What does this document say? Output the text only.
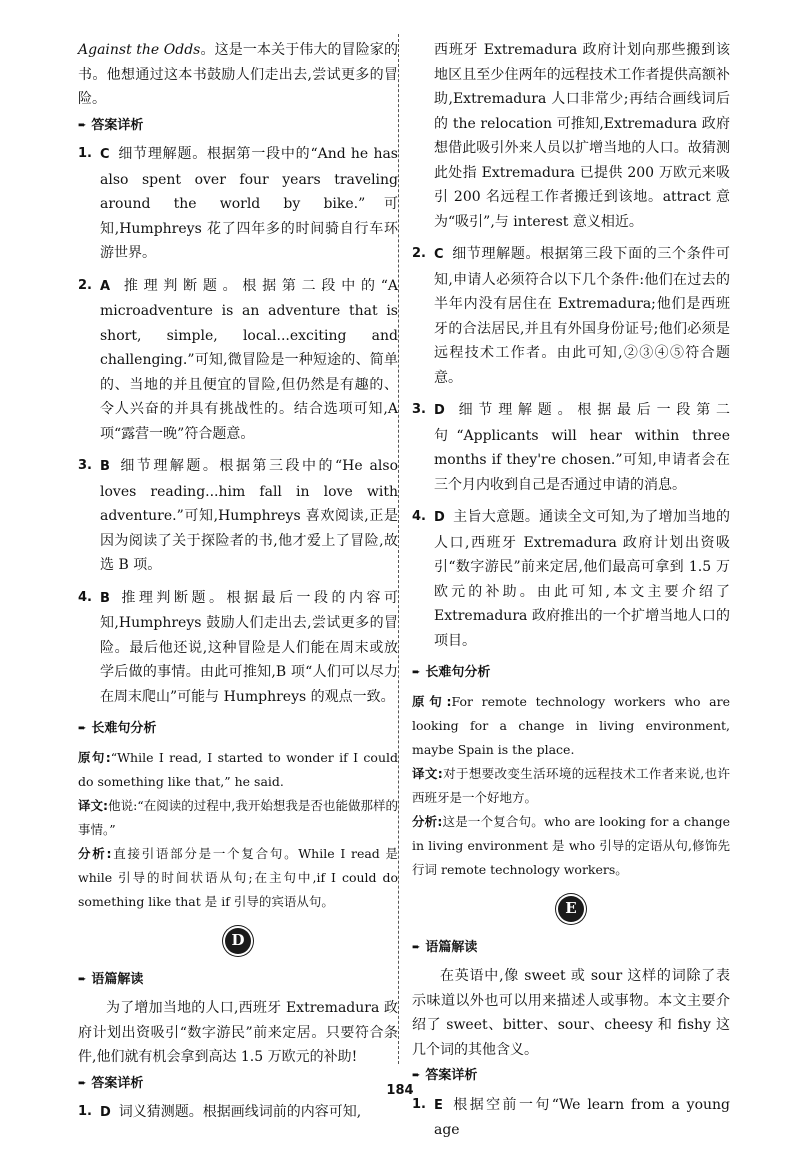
Against the Odds。这是一本关于伟大的冒险家的书。他想通过这本书鼓励人们走出去,尝试更多的冒险。

➨ 答案详析
1. C 细节理解题。根据第一段中的“And he has also spent over four years traveling around the world by bike.”可知,Humphreys 花了四年多的时间骑自行车环游世界。
2. A 推理判断题。根据第二段中的“A microadventure is an adventure that is short, simple, local...exciting and challenging.”可知,微冒险是一种短途的、简单的、当地的并且便宜的冒险,但仍然是有趣的、令人兴奋的并具有挑战性的。结合选项可知,A 项“露营一晚”符合题意。
3. B 细节理解题。根据第三段中的“He also loves reading...him fall in love with adventure.”可知,Humphreys 喜欢阅读,正是因为阅读了关于探险者的书,他才爱上了冒险,故选 B 项。
4. B 推理判断题。根据最后一段的内容可知,Humphreys 鼓励人们走出去,尝试更多的冒险。最后他还说,这种冒险是人们能在周末或放学后做的事情。由此可推知,B 项“人们可以尽力在周末爬山”可能与 Humphreys 的观点一致。
➨ 长难句分析

原句:“While I read, I started to wonder if I could do something like that,” he said.

译文:他说:“在阅读的过程中,我开始想我是否也能做那样的事情。”

分析:直接引语部分是一个复合句。While I read 是 while 引导的时间状语从句;在主句中,if I could do something like that 是 if 引导的宾语从句。

D
➨ 语篇解读

为了增加当地的人口,西班牙 Extremadura 政府计划出资吸引“数字游民”前来定居。只要符合条件,他们就有机会拿到高达 1.5 万欧元的补助!

➨ 答案详析
1. D 词义猜测题。根据画线词前的内容可知,

西班牙 Extremadura 政府计划向那些搬到该地区且至少住两年的远程技术工作者提供高额补助,Extremadura 人口非常少;再结合画线词后的 the relocation 可推知,Extremadura 政府想借此吸引外来人员以扩增当地的人口。故猜测此处指 Extremadura 已提供 200 万欧元来吸引 200 名远程工作者搬迁到该地。attract 意为“吸引”,与 interest 意义相近。

2. C 细节理解题。根据第三段下面的三个条件可知,申请人必须符合以下几个条件:他们在过去的半年内没有居住在 Extremadura;他们是西班牙的合法居民,并且有外国身份证号;他们必须是远程技术工作者。由此可知,②③④⑤符合题意。
3. D 细节理解题。根据最后一段第二句“Applicants will hear within three months if they're chosen.”可知,申请者会在三个月内收到自己是否通过申请的消息。
4. D 主旨大意题。通读全文可知,为了增加当地的人口,西班牙 Extremadura 政府计划出资吸引“数字游民”前来定居,他们最高可拿到 1.5 万欧元的补助。由此可知,本文主要介绍了 Extremadura 政府推出的一个扩增当地人口的项目。
➨ 长难句分析

原句:For remote technology workers who are looking for a change in living environment, maybe Spain is the place.

译文:对于想要改变生活环境的远程技术工作者来说,也许西班牙是一个好地方。

分析:这是一个复合句。who are looking for a change in living environment 是 who 引导的定语从句,修饰先行词 remote technology workers。

E
➨ 语篇解读

在英语中,像 sweet 或 sour 这样的词除了表示味道以外也可以用来描述人或事物。本文主要介绍了 sweet、bitter、sour、cheesy 和 fishy 这几个词的其他含义。

➨ 答案详析
1. E 根据空前一句“We learn from a young age
184
